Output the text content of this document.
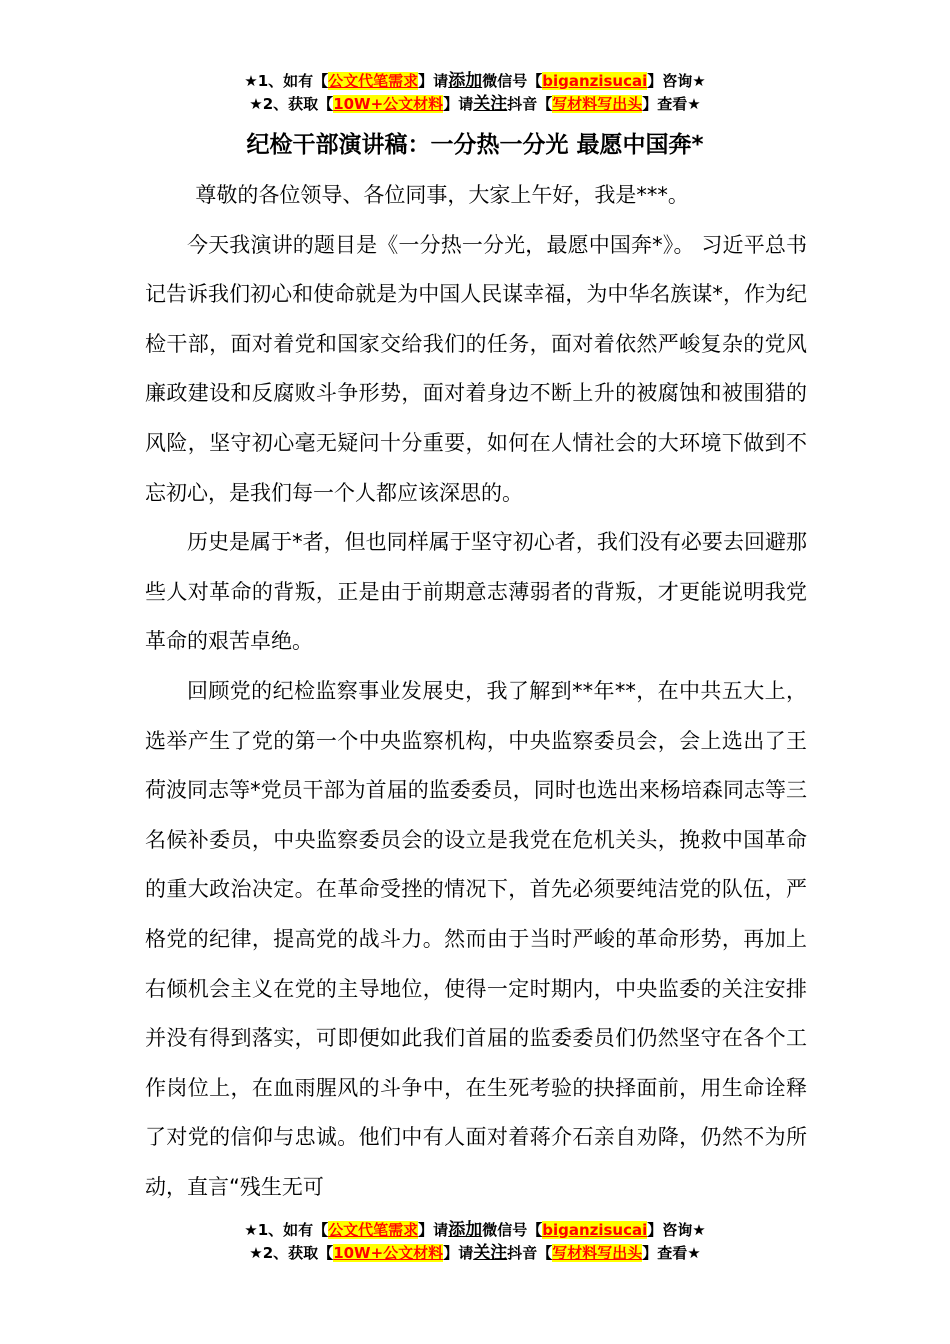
★1、如有【公文代笔需求】请添加微信号【biganzisucai】咨询★
★2、获取【10W+公文材料】请关注抖音【写材料写出头】查看★
纪检干部演讲稿：一分热一分光 最愿中国奔*

尊敬的各位领导、各位同事，大家上午好，我是***。

今天我演讲的题目是《一分热一分光，最愿中国奔*》。 习近平总书记告诉我们初心和使命就是为中国人民谋幸福，为中华名族谋*，作为纪检干部，面对着党和国家交给我们的任务，面对着依然严峻复杂的党风廉政建设和反腐败斗争形势，面对着身边不断上升的被腐蚀和被围猎的风险，坚守初心毫无疑问十分重要，如何在人情社会的大环境下做到不忘初心，是我们每一个人都应该深思的。

历史是属于*者，但也同样属于坚守初心者，我们没有必要去回避那些人对革命的背叛，正是由于前期意志薄弱者的背叛，才更能说明我党革命的艰苦卓绝。

回顾党的纪检监察事业发展史，我了解到**年**，在中共五大上，选举产生了党的第一个中央监察机构，中央监察委员会，会上选出了王荷波同志等*党员干部为首届的监委委员，同时也选出来杨培森同志等三名候补委员，中央监察委员会的设立是我党在危机关头，挽救中国革命的重大政治决定。在革命受挫的情况下，首先必须要纯洁党的队伍，严格党的纪律，提高党的战斗力。然而由于当时严峻的革命形势，再加上右倾机会主义在党的主导地位，使得一定时期内，中央监委的关注安排并没有得到落实，可即便如此我们首届的监委委员们仍然坚守在各个工作岗位上，在血雨腥风的斗争中，在生死考验的抉择面前，用生命诠释了对党的信仰与忠诚。他们中有人面对着蒋介石亲自劝降，仍然不为所动，直言“残生无可

★1、如有【公文代笔需求】请添加微信号【biganzisucai】咨询★
★2、获取【10W+公文材料】请关注抖音【写材料写出头】查看★
